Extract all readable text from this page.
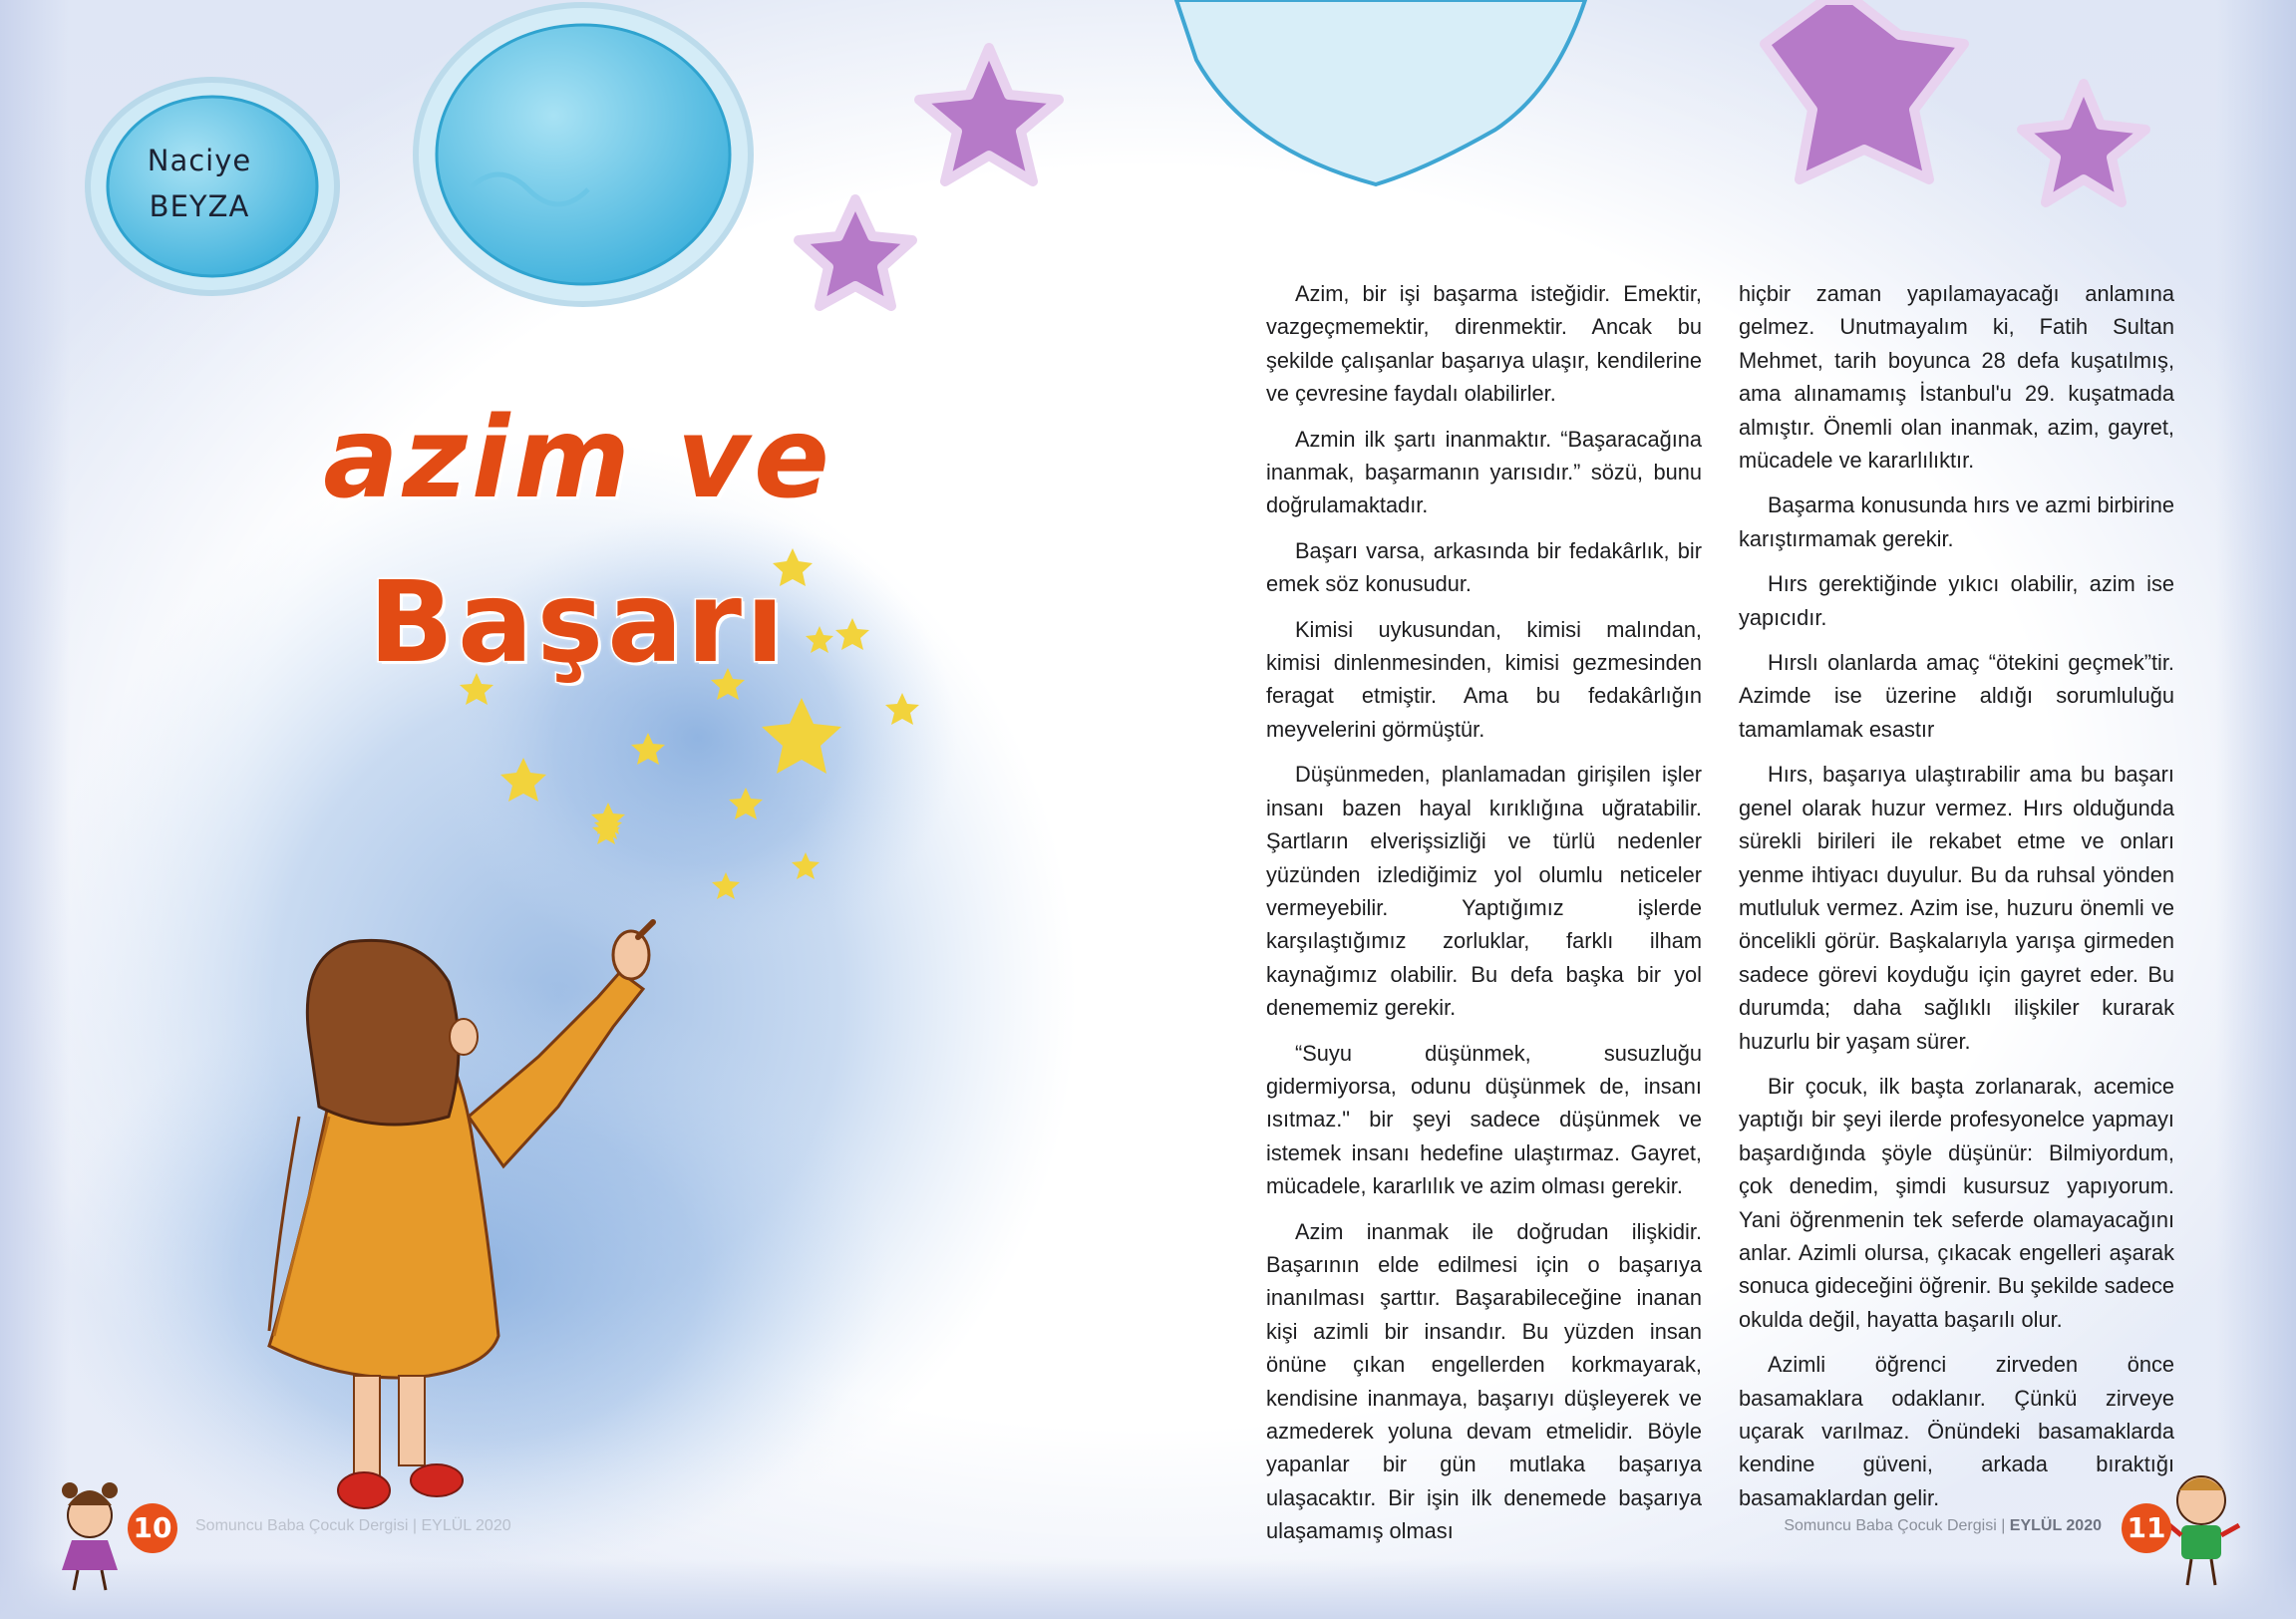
Naciye
BEYZA
azim ve
Başarı

Azim, bir işi başarma isteğidir. Emektir, vazgeçmemektir, direnmektir. Ancak bu şekilde çalışanlar başarıya ulaşır, kendilerine ve çevresine faydalı olabilirler.

Azmin ilk şartı inanmaktır. “Başaracağına inanmak, başarmanın yarısıdır.” sözü, bunu doğrulamaktadır.

Başarı varsa, arkasında bir fedakârlık, bir emek söz konusudur.

Kimisi uykusundan, kimisi malından, kimisi dinlenmesinden, kimisi gezmesinden feragat etmiştir. Ama bu fedakârlığın meyvelerini görmüştür.

Düşünmeden, planlamadan girişilen işler insanı bazen hayal kırıklığına uğratabilir. Şartların elverişsizliği ve türlü nedenler yüzünden izlediğimiz yol olumlu neticeler vermeyebilir. Yaptığımız işlerde karşılaştığımız zorluklar, farklı ilham kaynağımız olabilir. Bu defa başka bir yol denememiz gerekir.

“Suyu düşünmek, susuzluğu gidermiyorsa, odunu düşünmek de, insanı ısıtmaz." bir şeyi sadece düşünmek ve istemek insanı hedefine ulaştırmaz. Gayret, mücadele, kararlılık ve azim olması gerekir.

Azim inanmak ile doğrudan ilişkidir. Başarının elde edilmesi için o başarıya inanılması şarttır. Başarabileceğine inanan kişi azimli bir insandır. Bu yüzden insan önüne çıkan engellerden korkmayarak, kendisine inanmaya, başarıyı düşleyerek ve azmederek yoluna devam etmelidir. Böyle yapanlar bir gün mutlaka başarıya ulaşacaktır. Bir işin ilk denemede başarıya ulaşamamış olması

hiçbir zaman yapılamayacağı anlamına gelmez. Unutmayalım ki, Fatih Sultan Mehmet, tarih boyunca 28 defa kuşatılmış, ama alınamamış İstanbul'u 29. kuşatmada almıştır. Önemli olan inanmak, azim, gayret, mücadele ve kararlılıktır.

Başarma konusunda hırs ve azmi birbirine karıştırmamak gerekir.

Hırs gerektiğinde yıkıcı olabilir, azim ise yapıcıdır.

Hırslı olanlarda amaç “ötekini geçmek”tir. Azimde ise üzerine aldığı sorumluluğu tamamlamak esastır

Hırs, başarıya ulaştırabilir ama bu başarı genel olarak huzur vermez. Hırs olduğunda sürekli birileri ile rekabet etme ve onları yenme ihtiyacı duyulur. Bu da ruhsal yönden mutluluk vermez. Azim ise, huzuru önemli ve öncelikli görür. Başkalarıyla yarışa girmeden sadece görevi koyduğu için gayret eder. Bu durumda; daha sağlıklı ilişkiler kurarak huzurlu bir yaşam sürer.

Bir çocuk, ilk başta zorlanarak, acemice yaptığı bir şeyi ilerde profesyonelce yapmayı başardığında şöyle düşünür: Bilmiyordum, çok denedim, şimdi kusursuz yapıyorum. Yani öğrenmenin tek seferde olamayacağını anlar. Azimli olursa, çıkacak engelleri aşarak sonuca gideceğini öğrenir. Bu şekilde sadece okulda değil, hayatta başarılı olur.

Azimli öğrenci zirveden önce basamaklara odaklanır. Çünkü zirveye uçarak varılmaz. Önündeki basamaklarda kendine güveni, arkada bıraktığı basamaklardan gelir.

10	Somuncu Baba Çocuk Dergisi | EYLÜL 2020	Somuncu Baba Çocuk Dergisi | EYLÜL 2020 11
